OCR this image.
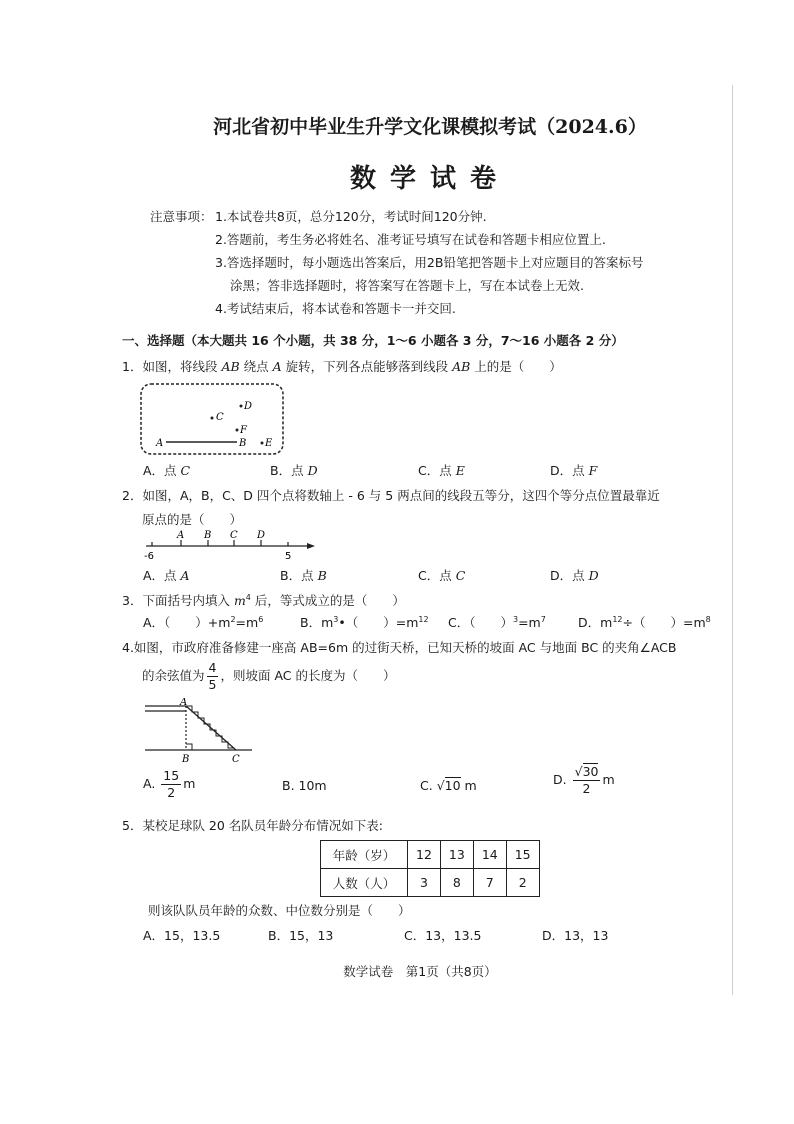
河北省初中毕业生升学文化课模拟考试（2024.6）
数学试卷
注意事项： 1.本试卷共8页，总分120分，考试时间120分钟.
2.答题前，考生务必将姓名、准考证号填写在试卷和答题卡相应位置上.
3.答选择题时，每小题选出答案后，用2B铅笔把答题卡上对应题目的答案标号
涂黑；答非选择题时，将答案写在答题卡上，写在本试卷上无效.
4.考试结束后，将本试卷和答题卡一并交回.
一、选择题（本大题共 16 个小题，共 38 分，1～6 小题各 3 分，7～16 小题各 2 分）
1．如图，将线段 AB 绕点 A 旋转，下列各点能够落到线段 AB 上的是（　　）
A	B
C
D
F
E
A．点 C	B．点 D	C．点 E	D．点 F
2．如图，A，B，C、D 四个点将数轴上 - 6 与 5 两点间的线段五等分，这四个等分点位置最靠近
原点的是（　　）
-6	5
A B C D
A．点 A	B．点 B	C．点 C	D．点 D
3．下面括号内填入 $m^4$ 后，等式成立的是（　　）
A．（　　）$+m^2=m^6$	B．$m^3•$（　　）$=m^{12}$ C．（　　）$^3=m^7$	D．$m^{12}\div$（　　）$=m^8$
4.如图，市政府准备修建一座高 AB=6m 的过街天桥，已知天桥的坡面 AC 与地面 BC 的夹角∠ACB
的余弦值为 $\frac{4}{5}$ ，则坡面 AC 的长度为（　　）
A
B	C
A. $\frac{15}{2}$ m	B. 10m	C. √10 m	D. $\frac{√30}{2}$ m
5．某校足球队 20 名队员年龄分布情况如下表:
年龄（岁）	12	13	14	15
人数（人）	3	8	7	2
则该队队员年龄的众数、中位数分别是（　　）
A．15，13.5	B．15，13	C．13，13.5	D．13，13
数学试卷　第1页（共8页）
